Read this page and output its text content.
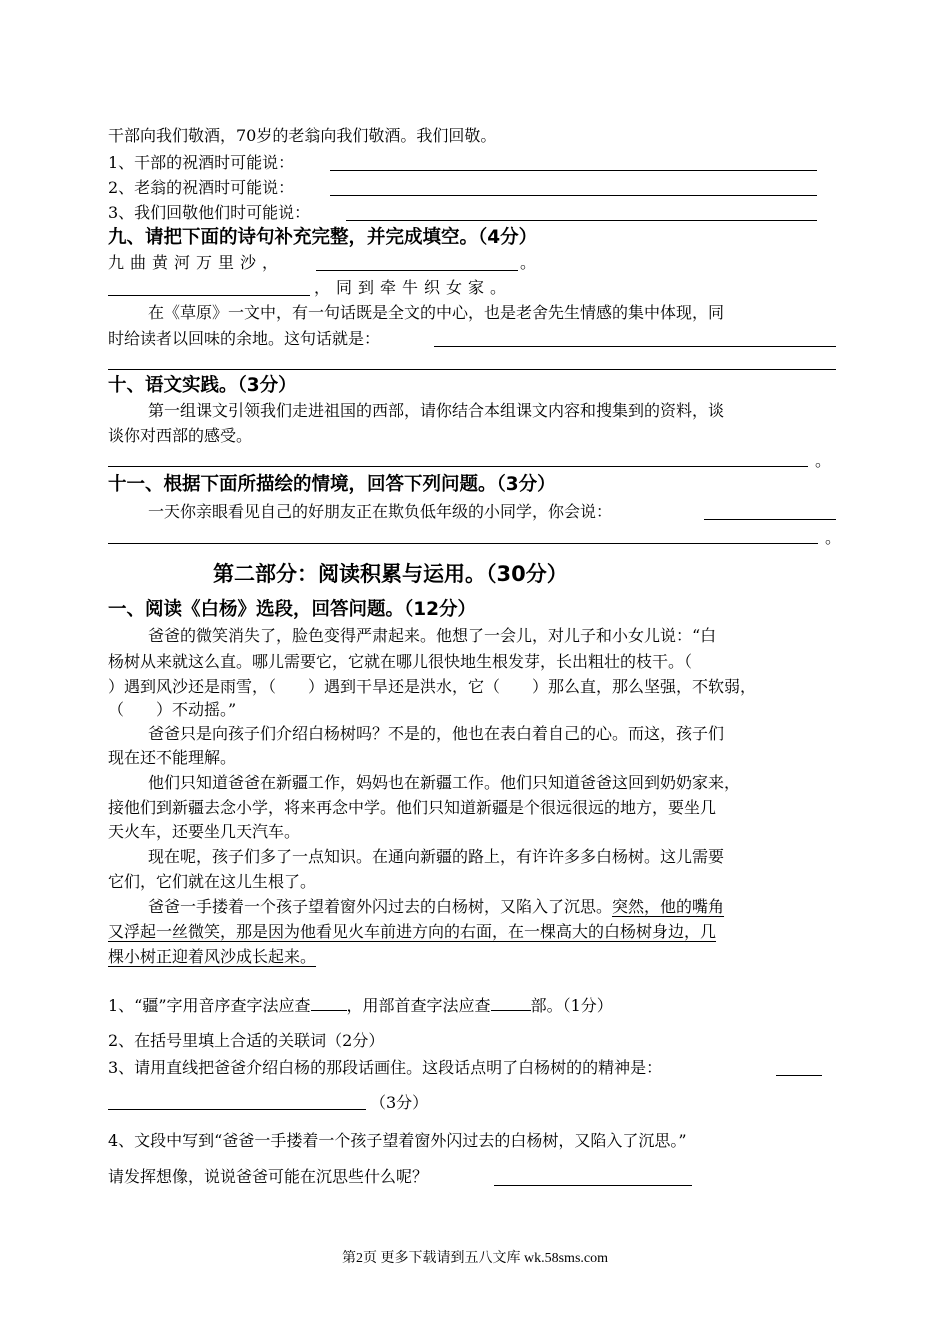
干部向我们敬酒，70岁的老翁向我们敬酒。我们回敬。
1、干部的祝酒时可能说：
2、老翁的祝酒时可能说：
3、我们回敬他们时可能说：
九、请把下面的诗句补充完整，并完成填空。（4分）
九曲黄河万里沙，	。
，同到牵牛织女家。
在《草原》一文中，有一句话既是全文的中心，也是老舍先生情感的集中体现，同
时给读者以回味的余地。这句话就是：
十、语文实践。（3分）
第一组课文引领我们走进祖国的西部，请你结合本组课文内容和搜集到的资料，谈
谈你对西部的感受。
。
十一、根据下面所描绘的情境，回答下列问题。（3分）
一天你亲眼看见自己的好朋友正在欺负低年级的小同学，你会说：
。
第二部分：阅读积累与运用。（30分）
一、阅读《白杨》选段，回答问题。（12分）
爸爸的微笑消失了，脸色变得严肃起来。他想了一会儿，对儿子和小女儿说：“白
杨树从来就这么直。哪儿需要它，它就在哪儿很快地生根发芽，长出粗壮的枝干。（
）遇到风沙还是雨雪，（　　）遇到干旱还是洪水，它（　　）那么直，那么坚强，不软弱，
（　　）不动摇。”
爸爸只是向孩子们介绍白杨树吗？不是的，他也在表白着自己的心。而这，孩子们
现在还不能理解。
他们只知道爸爸在新疆工作，妈妈也在新疆工作。他们只知道爸爸这回到奶奶家来，
接他们到新疆去念小学，将来再念中学。他们只知道新疆是个很远很远的地方，要坐几
天火车，还要坐几天汽车。
现在呢，孩子们多了一点知识。在通向新疆的路上，有许许多多白杨树。这儿需要
它们，它们就在这儿生根了。
爸爸一手搂着一个孩子望着窗外闪过去的白杨树，又陷入了沉思。突然，他的嘴角
又浮起一丝微笑，那是因为他看见火车前进方向的右面，在一棵高大的白杨树身边，几
棵小树正迎着风沙成长起来。
1、“疆”字用音序查字法应查 ，用部首查字法应查	部。（1分）
2、在括号里填上合适的关联词（2分）
3、请用直线把爸爸介绍白杨的那段话画住。这段话点明了白杨树的的精神是：
（3分）
4、文段中写到“爸爸一手搂着一个孩子望着窗外闪过去的白杨树，又陷入了沉思。”
请发挥想像，说说爸爸可能在沉思些什么呢？
第2页 更多下载请到五八文库 wk.58sms.com
